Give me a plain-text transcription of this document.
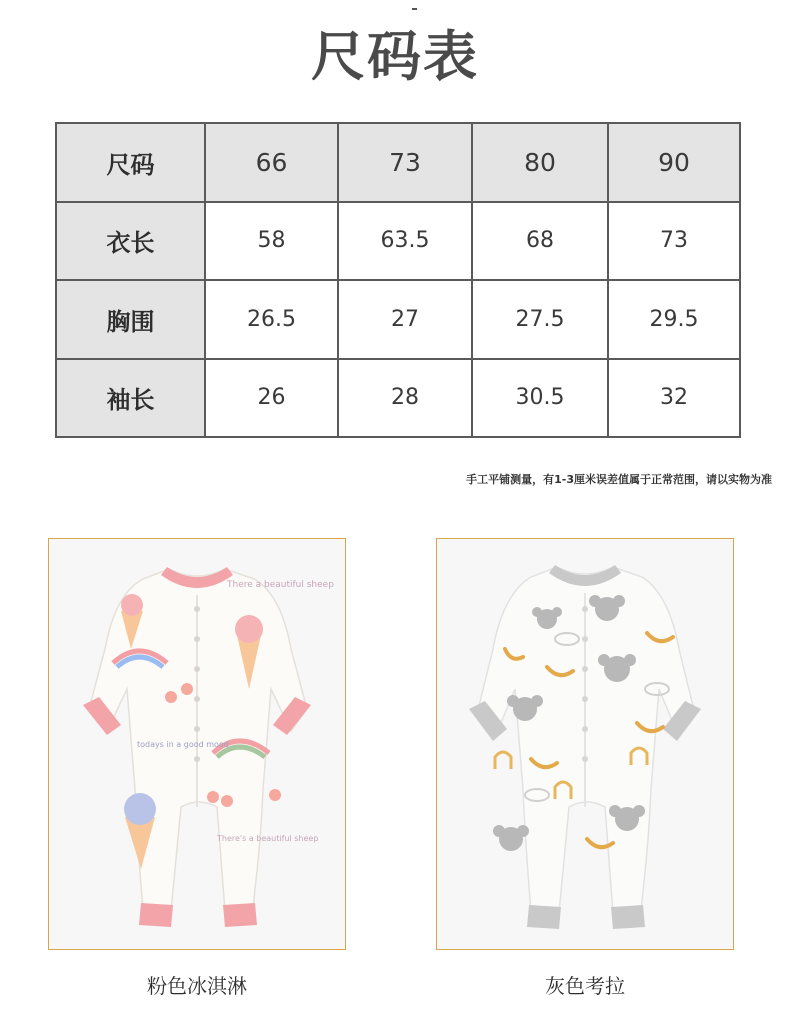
尺码表
尺码	66	73	80	90
衣长	58	63.5	68	73
胸围	26.5	27	27.5	29.5
袖长	26	28	30.5	32
手工平铺测量，有1-3厘米误差值属于正常范围，请以实物为准
There a beautiful sheep
There's a beautiful sheep
todays in a good mood
粉色冰淇淋	灰色考拉
